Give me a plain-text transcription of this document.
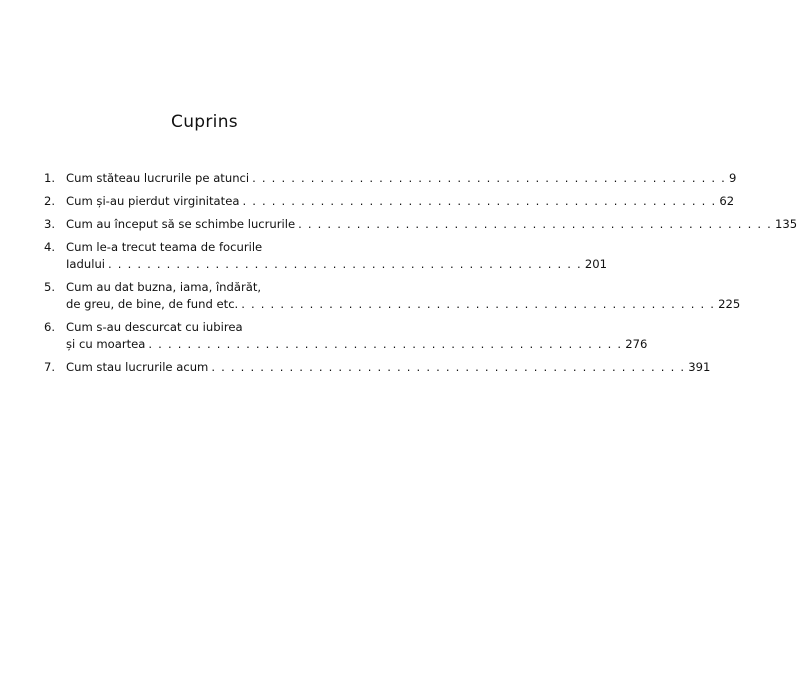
Cuprins
1. Cum stăteau lucrurile pe atunci . . .	9
2. Cum și-au pierdut virginitatea . . .	62
3. Cum au început să se schimbe lucrurile . . .	135
4. Cum le-a trecut teama de focurile
Iadului . . .	201
5. Cum au dat buzna, iama, îndărăt,
de greu, de bine, de fund etc. . . .	225
6. Cum s-au descurcat cu iubirea
și cu moartea . . .	276
7. Cum stau lucrurile acum . . .	391
